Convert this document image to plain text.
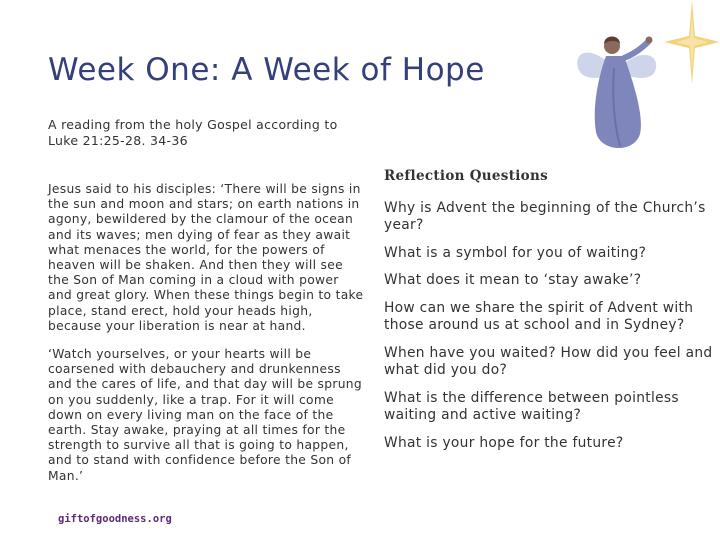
Week One: A Week of Hope
A reading from the holy Gospel according to Luke 21:25-28. 34-36

Jesus said to his disciples: ‘There will be signs in the sun and moon and stars; on earth nations in agony, bewildered by the clamour of the ocean and its waves; men dying of fear as they await what menaces the world, for the powers of heaven will be shaken. And then they will see the Son of Man coming in a cloud with power and great glory. When these things begin to take place, stand erect, hold your heads high, because your liberation is near at hand.

‘Watch yourselves, or your hearts will be coarsened with debauchery and drunkenness and the cares of life, and that day will be sprung on you suddenly, like a trap. For it will come down on every living man on the face of the earth. Stay awake, praying at all times for the strength to survive all that is going to happen, and to stand with confidence before the Son of Man.’

Reflection Questions
Why is Advent the beginning of the Church’s year?
What is a symbol for you of waiting?
What does it mean to ‘stay awake’?
How can we share the spirit of Advent with those around us at school and in Sydney?
When have you waited? How did you feel and what did you do?
What is the difference between pointless waiting and active waiting?
What is your hope for the future?
giftofgoodness.org
